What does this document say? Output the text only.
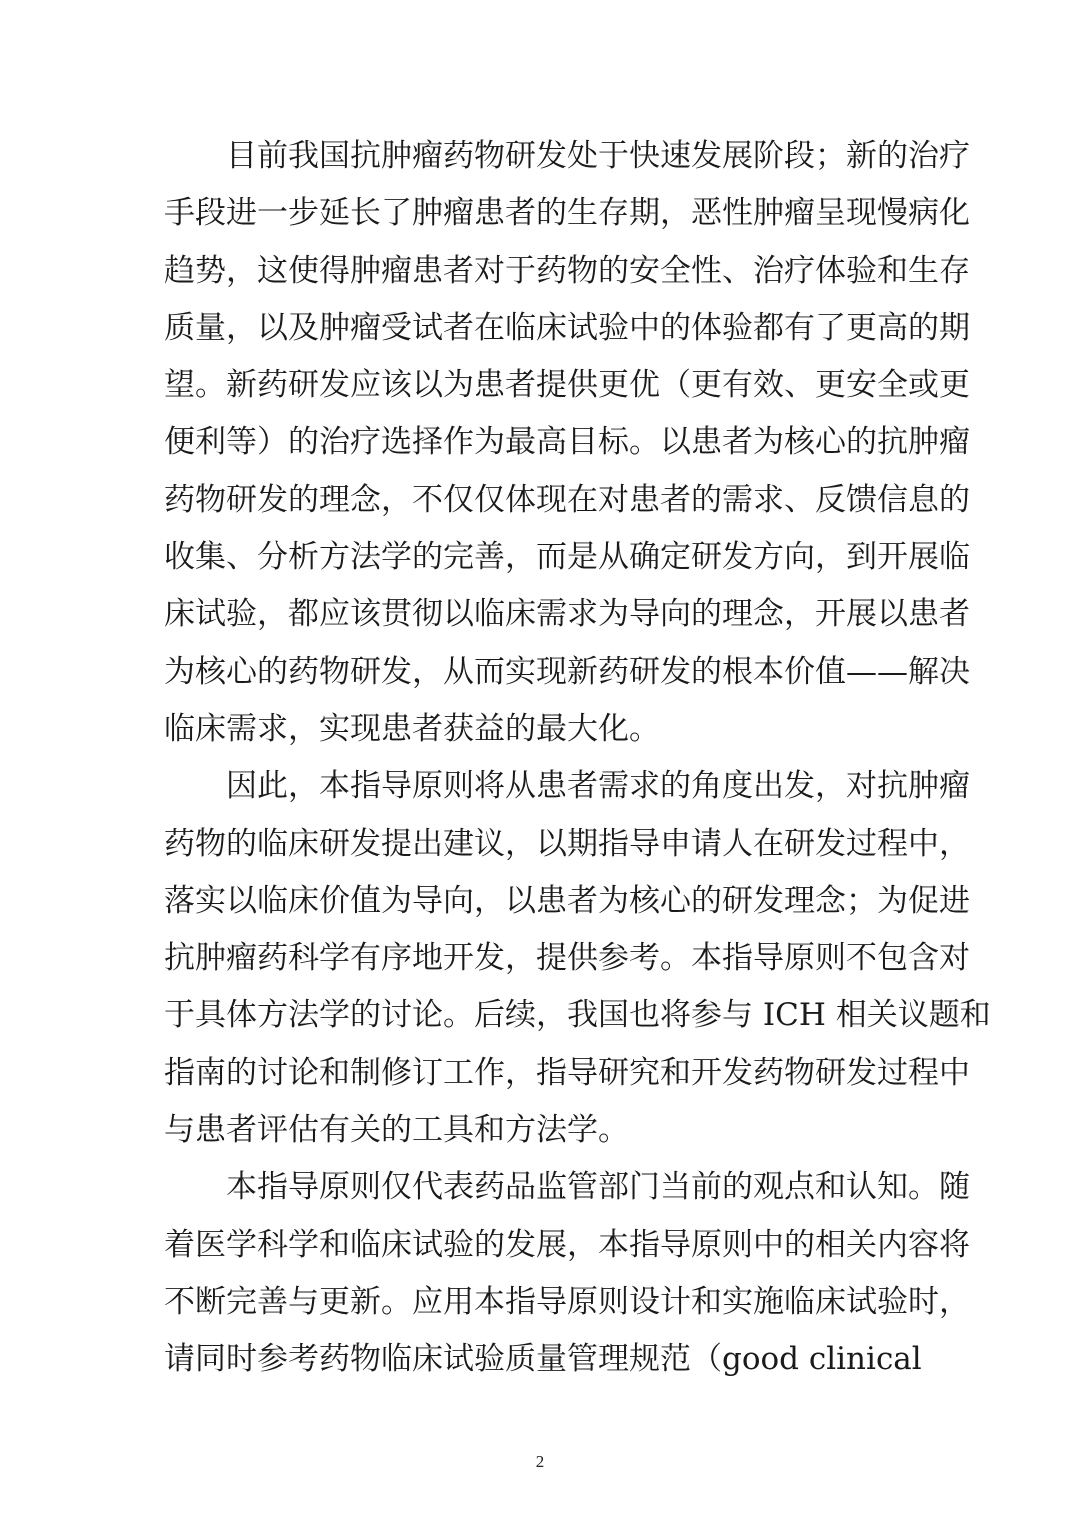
目前我国抗肿瘤药物研发处于快速发展阶段；新的治疗
手段进一步延长了肿瘤患者的生存期，恶性肿瘤呈现慢病化
趋势，这使得肿瘤患者对于药物的安全性、治疗体验和生存
质量，以及肿瘤受试者在临床试验中的体验都有了更高的期
望。新药研发应该以为患者提供更优（更有效、更安全或更
便利等）的治疗选择作为最高目标。以患者为核心的抗肿瘤
药物研发的理念，不仅仅体现在对患者的需求、反馈信息的
收集、分析方法学的完善，而是从确定研发方向，到开展临
床试验，都应该贯彻以临床需求为导向的理念，开展以患者
为核心的药物研发，从而实现新药研发的根本价值——解决
临床需求，实现患者获益的最大化。
因此，本指导原则将从患者需求的角度出发，对抗肿瘤
药物的临床研发提出建议，以期指导申请人在研发过程中，
落实以临床价值为导向，以患者为核心的研发理念；为促进
抗肿瘤药科学有序地开发，提供参考。本指导原则不包含对
于具体方法学的讨论。后续，我国也将参与 ICH 相关议题和
指南的讨论和制修订工作，指导研究和开发药物研发过程中
与患者评估有关的工具和方法学。
本指导原则仅代表药品监管部门当前的观点和认知。随
着医学科学和临床试验的发展，本指导原则中的相关内容将
不断完善与更新。应用本指导原则设计和实施临床试验时，
请同时参考药物临床试验质量管理规范（good clinical
2
